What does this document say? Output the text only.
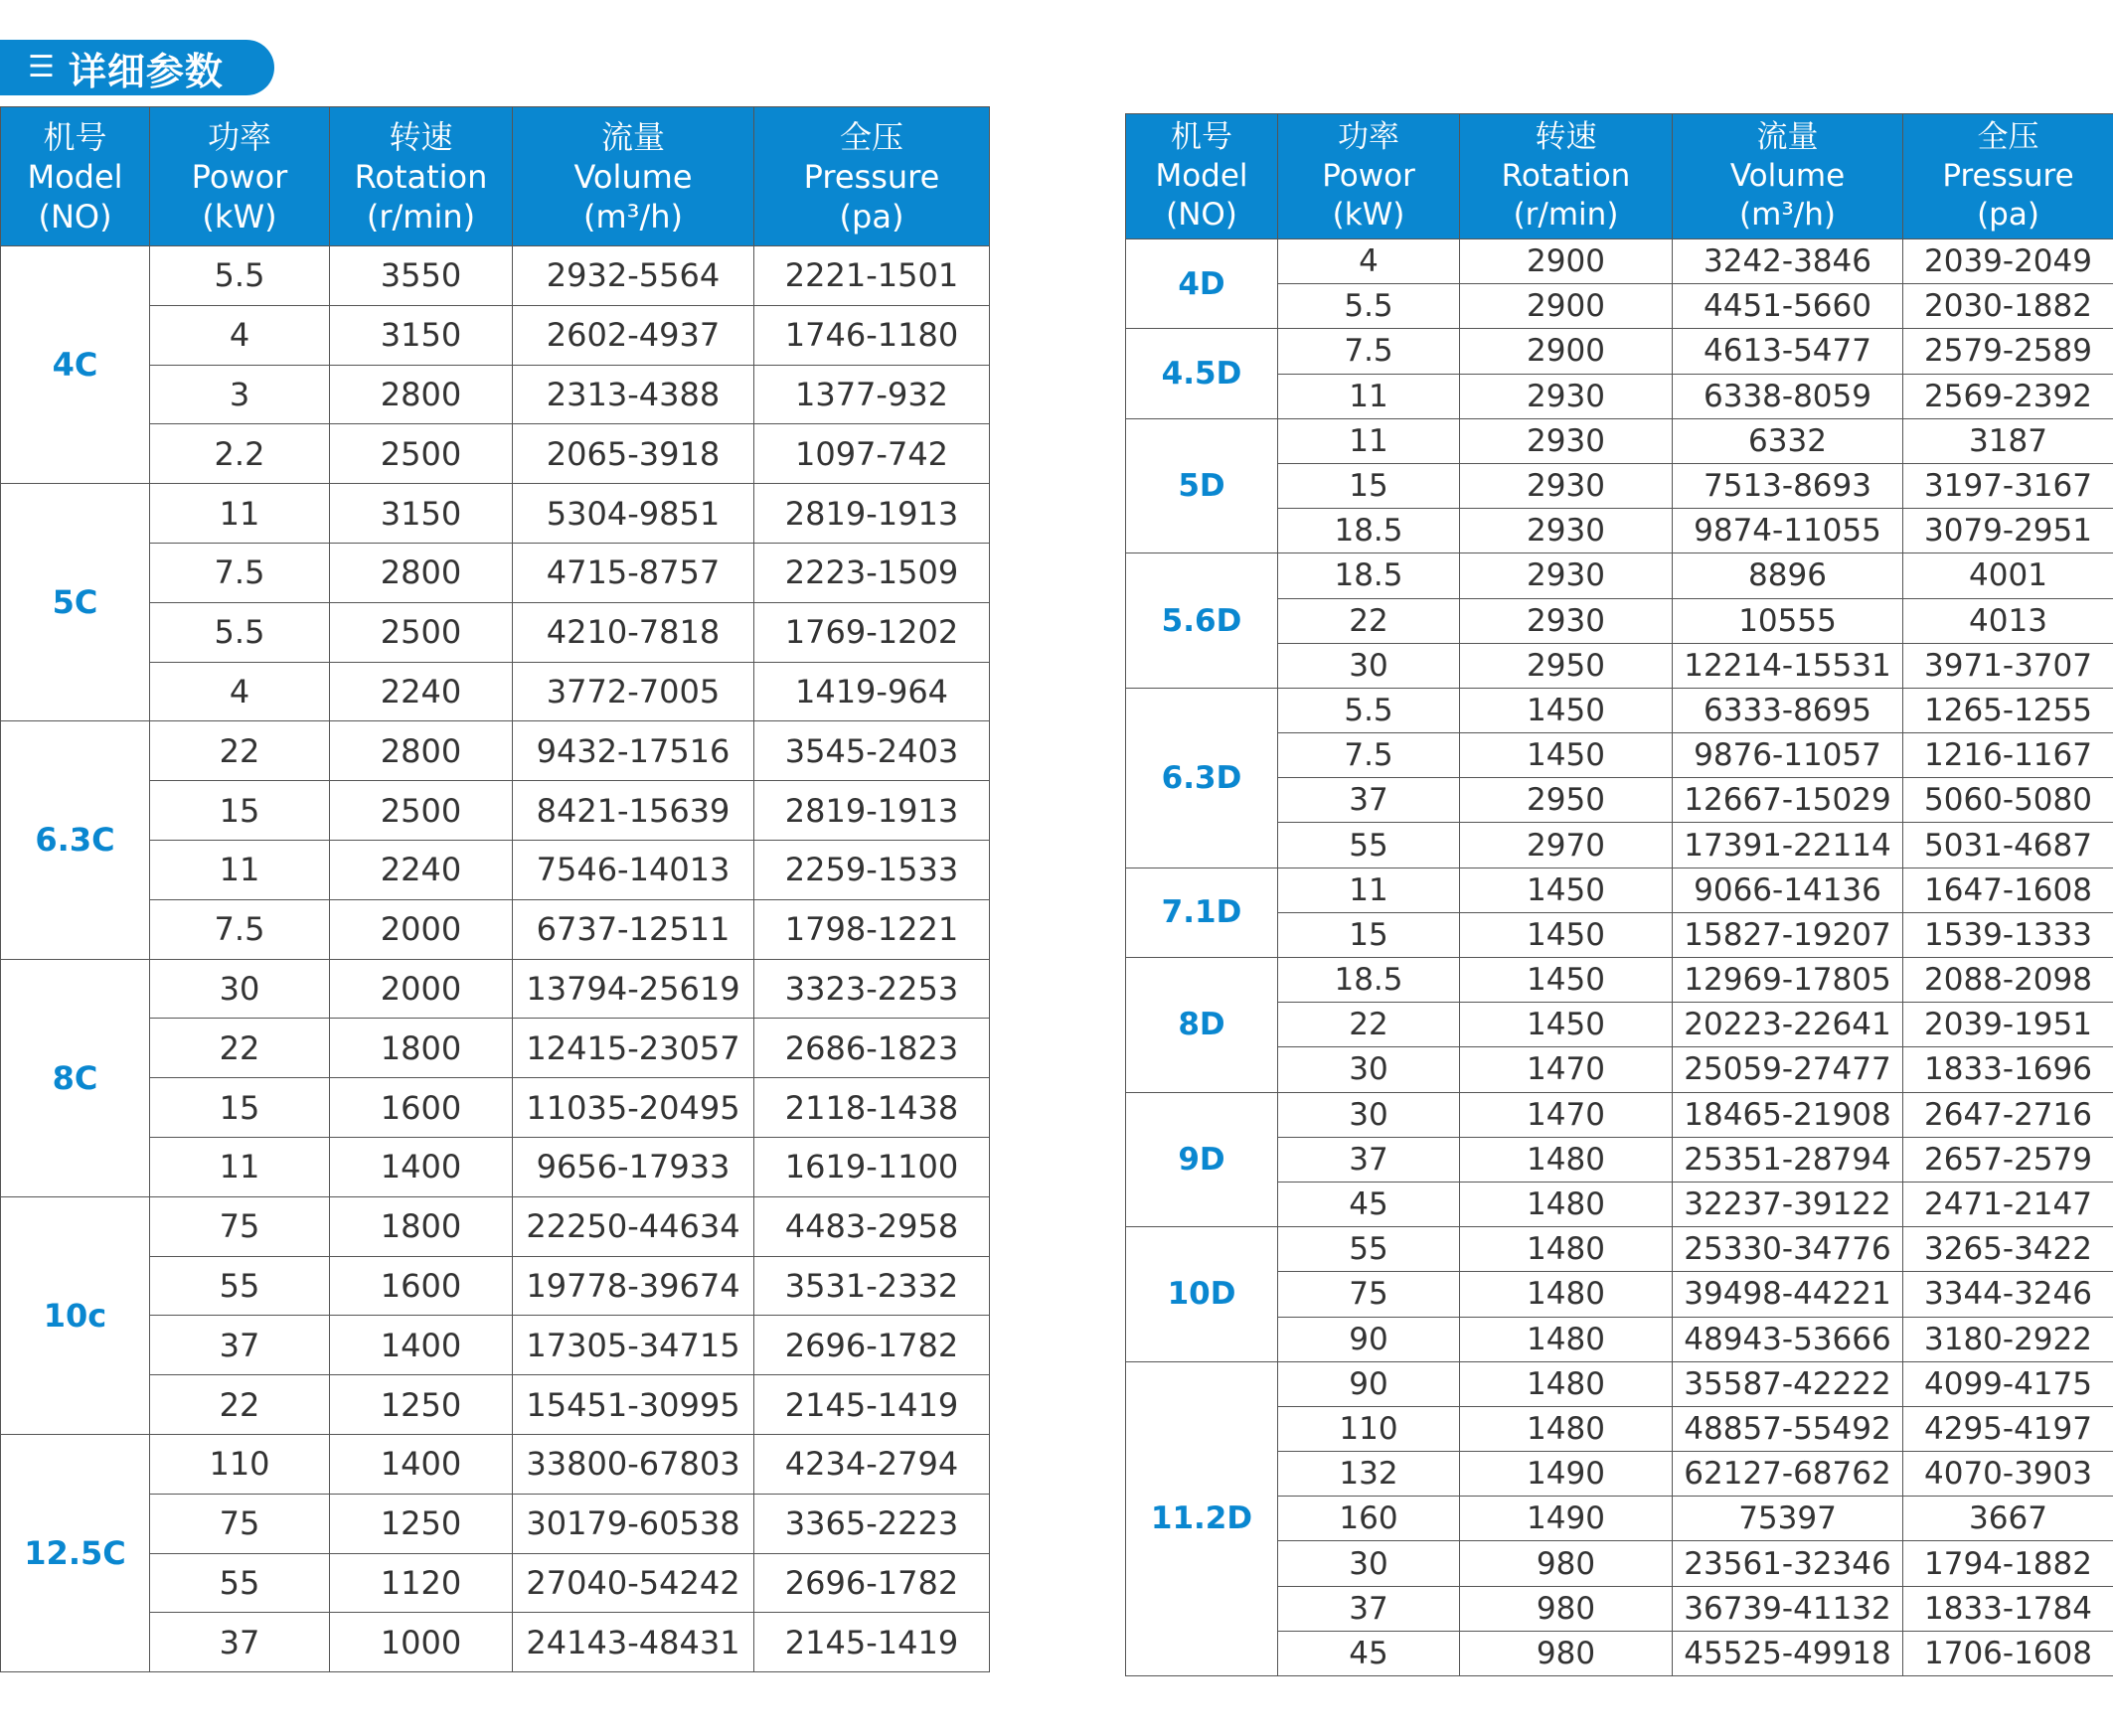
☰ 详细参数
机号
Model
(NO)	功率
Powor
(kW)	转速
Rotation
(r/min)	流量
Volume
(m³/h)	全压
Pressure
(pa)

4C	5.5	3550	2932-5564	2221-1501
	4	3150	2602-4937	1746-1180
	3	2800	2313-4388	1377-932
	2.2	2500	2065-3918	1097-742
5C	11	3150	5304-9851	2819-1913
	7.5	2800	4715-8757	2223-1509
	5.5	2500	4210-7818	1769-1202
	4	2240	3772-7005	1419-964
6.3C	22	2800	9432-17516	3545-2403
	15	2500	8421-15639	2819-1913
	11	2240	7546-14013	2259-1533
	7.5	2000	6737-12511	1798-1221
8C	30	2000	13794-25619	3323-2253
	22	1800	12415-23057	2686-1823
	15	1600	11035-20495	2118-1438
	11	1400	9656-17933	1619-1100
10c	75	1800	22250-44634	4483-2958
	55	1600	19778-39674	3531-2332
	37	1400	17305-34715	2696-1782
	22	1250	15451-30995	2145-1419
12.5C	110	1400	33800-67803	4234-2794
	75	1250	30179-60538	3365-2223
	55	1120	27040-54242	2696-1782
	37	1000	24143-48431	2145-1419
机号
Model
(NO)	功率
Powor
(kW)	转速
Rotation
(r/min)	流量
Volume
(m³/h)	全压
Pressure
(pa)

4D	4	2900	3242-3846	2039-2049
	5.5	2900	4451-5660	2030-1882
4.5D	7.5	2900	4613-5477	2579-2589
	11	2930	6338-8059	2569-2392
5D	11	2930	6332	3187
	15	2930	7513-8693	3197-3167
	18.5	2930	9874-11055	3079-2951
5.6D	18.5	2930	8896	4001
	22	2930	10555	4013
	30	2950	12214-15531	3971-3707
6.3D	5.5	1450	6333-8695	1265-1255
	7.5	1450	9876-11057	1216-1167
	37	2950	12667-15029	5060-5080
	55	2970	17391-22114	5031-4687
7.1D	11	1450	9066-14136	1647-1608
	15	1450	15827-19207	1539-1333
8D	18.5	1450	12969-17805	2088-2098
	22	1450	20223-22641	2039-1951
	30	1470	25059-27477	1833-1696
9D	30	1470	18465-21908	2647-2716
	37	1480	25351-28794	2657-2579
	45	1480	32237-39122	2471-2147
10D	55	1480	25330-34776	3265-3422
	75	1480	39498-44221	3344-3246
	90	1480	48943-53666	3180-2922
11.2D	90	1480	35587-42222	4099-4175
	110	1480	48857-55492	4295-4197
	132	1490	62127-68762	4070-3903
	160	1490	75397	3667
	30	980	23561-32346	1794-1882
	37	980	36739-41132	1833-1784
	45	980	45525-49918	1706-1608
